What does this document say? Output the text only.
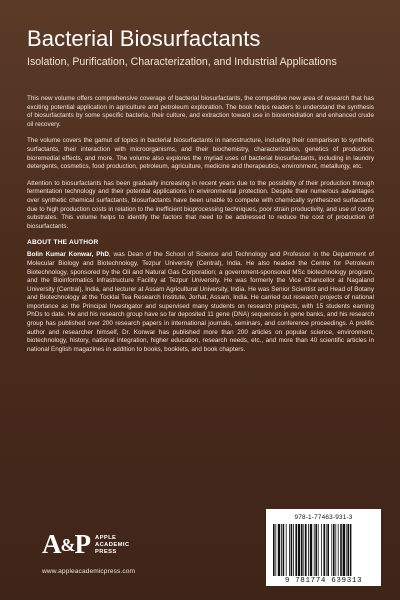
Bacterial Biosurfactants

Isolation, Purification, Characterization, and Industrial Applications

This new volume offers comprehensive coverage of bacterial biosurfactants, the competitive new area of research that has exciting potential application in agriculture and petroleum exploration. The book helps readers to understand the synthesis of biosurfactants by some specific bacteria, their culture, and extraction toward use in bioremediation and enhanced crude oil recovery.

The volume covers the gamut of topics in bacterial biosurfactants in nanostructure, including their comparison to synthetic surfactants, their interaction with microorganisms, and their biochemistry, characterization, genetics of production, bioremedial effects, and more. The volume also explores the myriad uses of bacterial biosurfactants, including in laundry detergents, cosmetics, food production, petroleum, agriculture, medicine and therapeutics, environment, metallurgy, etc.

Attention to biosurfactants has been gradually increasing in recent years due to the possibility of their production through fermentation technology and their potential applications in environmental protection. Despite their numerous advantages over synthetic chemical surfactants, biosurfactants have been unable to compete with chemically synthesized surfactants due to high production costs in relation to the inefficient bioprocessing techniques, poor strain productivity, and use of costly substrates. This volume helps to identify the factors that need to be addressed to reduce the cost of production of biosurfactants.

ABOUT THE AUTHOR

Bolin Kumar Konwar, PhD, was Dean of the School of Science and Technology and Professor in the Department of Molecular Biology and Biotechnology, Tezpur University (Central), India. He also headed the Centre for Petroleum Biotechnology, sponsored by the Oil and Natural Gas Corporation; a government-sponsored MSc biotechnology program, and the Bioinformatics Infrastructure Facility at Tezpur University. He was formerly the Vice Chancellor at Nagaland University (Central), India, and lecturer at Assam Agricultural University, India. He was Senior Scientist and Head of Botany and Biotechnology at the Tocklai Tea Research Institute, Jorhat, Assam, India. He carried out research projects of national importance as the Principal Investigator and supervised many students on research projects, with 15 students earning PhDs to date. He and his research group have so far deposited 11 gene (DNA) sequences in gene banks, and his research group has published over 200 research papers in international journals, seminars, and conference proceedings. A prolific author and researcher himself, Dr. Konwar has published more than 200 articles on popular science, environment, biotechnology, history, national integration, higher education, research needs, etc., and more than 40 scientific articles in national English magazines in addition to books, booklets, and book chapters.

A&P APPLE
ACADEMIC
PRESS
www.appleacademicpress.com
978-1-77463-931-3
9 781774 639313
